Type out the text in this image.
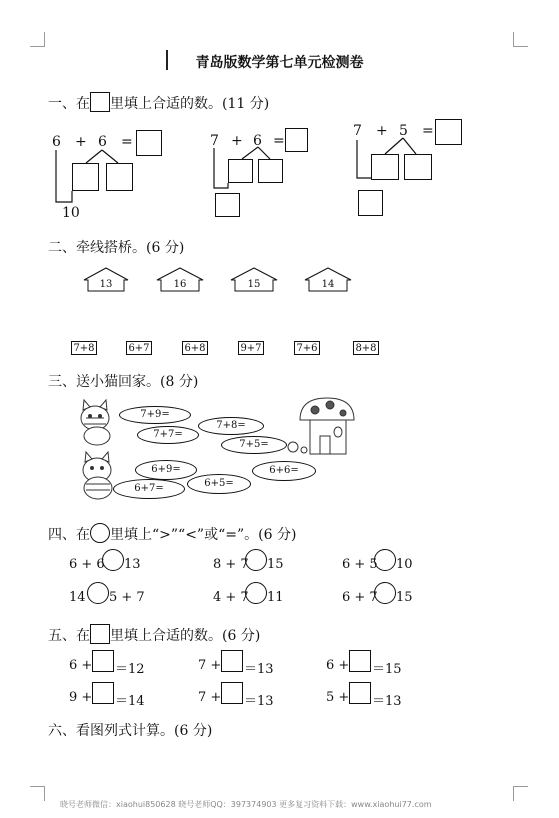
青岛版数学第七单元检测卷
一、在 里填上合适的数。(11 分)
6 + 6 =
10
7 + 6 =
7 + 5 =
二、牵线搭桥。(6 分)
13	16	15	14
7+8	6+7	6+8	9+7	7+6	8+8
三、送小猫回家。(8 分)
7+9=
7+8=
7+7=
7+5=
6+9=	6+6=
6+5=
6+7=
四、在 里填上“>”“<”或“=”。(6 分)
6 + 6 13	8 + 7 15	6 + 5 10
14 5 + 7	4 + 7 11	6 + 7 15
五、在 里填上合适的数。(6 分)
6 + ＝12	7 + ＝13	6 + ＝15
9 + ＝14	7 + ＝13	5 + ＝13
六、看图列式计算。(6 分)
晓号老师微信：xiaohui850628 晓号老师QQ：397374903 更多复习资料下载：www.xiaohui77.com
